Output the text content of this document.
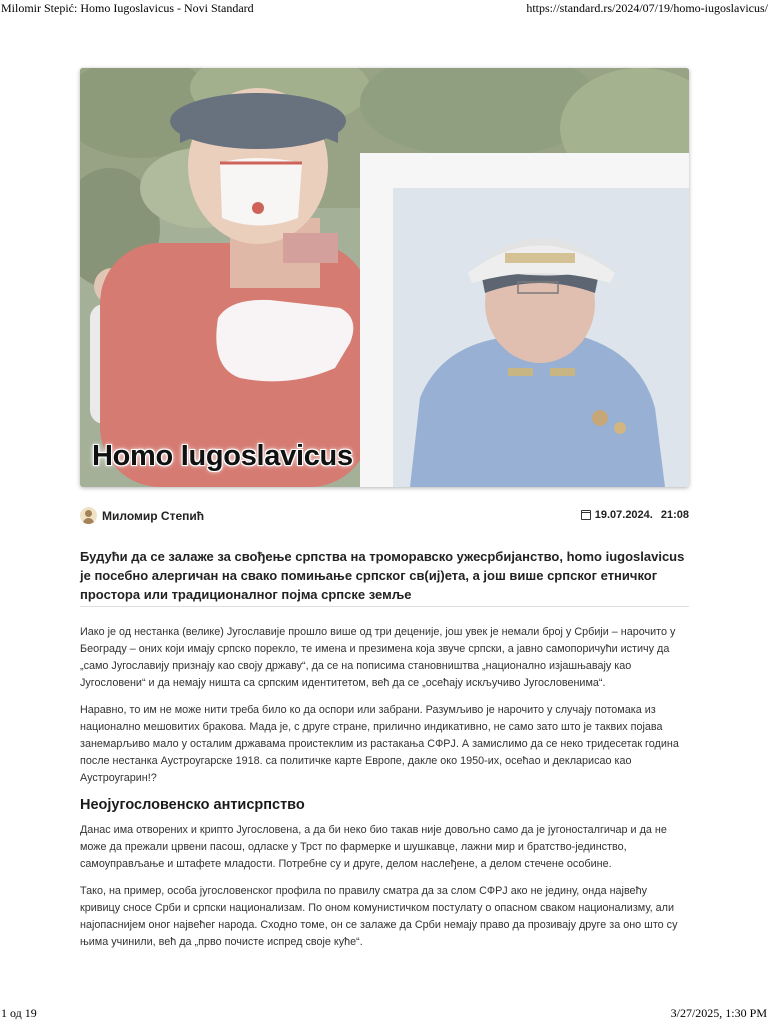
Milomir Stepić: Homo Iugoslavicus - Novi Standard	https://standard.rs/2024/07/19/homo-iugoslavicus/
Homo Iugoslavicus
Миломир Степић	19.07.2024. 21:08
Будући да се залаже за свођење српства на троморавско ужесрбијанство, homo iugoslavicus је посебно алергичан на свако помињање српског св(иј)ета, а још више српског етничког простора или традиционалног појма српске земље

Иако је од нестанка (велике) Југославије прошло више од три деценије, још увек је немали број у Србији – нарочито у Београду – оних који имају српско порекло, те имена и презимена која звуче српски, а јавно самопоричући истичу да „само Југославију признају као своју државу“, да се на пописима становништва „национално изјашњавају као Југословени“ и да немају ништа са српским идентитетом, већ да се „осећају искључиво Југословенима“.

Наравно, то им не може нити треба било ко да оспори или забрани. Разумљиво је нарочито у случају потомака из национално мешовитих бракова. Мада је, с друге стране, прилично индикативно, не само зато што је таквих појава занемарљиво мало у осталим државама проистеклим из растакања СФРЈ. А замислимо да се неко тридесетак година после нестанка Аустроугарске 1918. са политичке карте Европе, дакле око 1950-их, осећао и декларисао као Аустроугарин!?

Неојугословенско антисрпство

Данас има отворених и крипто Југословена, а да би неко био такав није довољно само да је југоносталгичар и да не може да прежали црвени пасош, одласке у Трст по фармерке и шушкавце, лажни мир и братство-јединство, самоуправљање и штафете младости. Потребне су и друге, делом наслеђене, а делом стечене особине.

Тако, на пример, особа југословенског профила по правилу сматра да за слом СФРЈ ако не једину, онда највећу кривицу сносе Срби и српски национализам. По оном комунистичком постулату о опасном сваком национализму, али најопаснијем оног највећег народа. Сходно томе, он се залаже да Срби немају право да прозивају друге за оно што су њима учинили, већ да „прво почисте испред своје куће“.

1 од 19	3/27/2025, 1:30 PM
